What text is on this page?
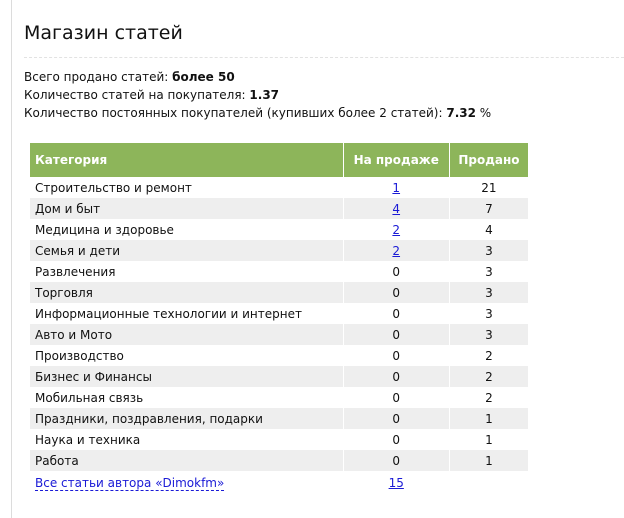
Магазин статей
Всего продано статей: более 50
Количество статей на покупателя: 1.37
Количество постоянных покупателей (купивших более 2 статей): 7.32 %
Категория	На продаже	Продано
Строительство и ремонт	1	21
Дом и быт	4	7
Медицина и здоровье	2	4
Семья и дети	2	3
Развлечения	0	3
Торговля	0	3
Информационные технологии и интернет	0	3
Авто и Мото	0	3
Производство	0	2
Бизнес и Финансы	0	2
Мобильная связь	0	2
Праздники, поздравления, подарки	0	1
Наука и техника	0	1
Работа	0	1
Все статьи автора «Dimokfm»	15	
